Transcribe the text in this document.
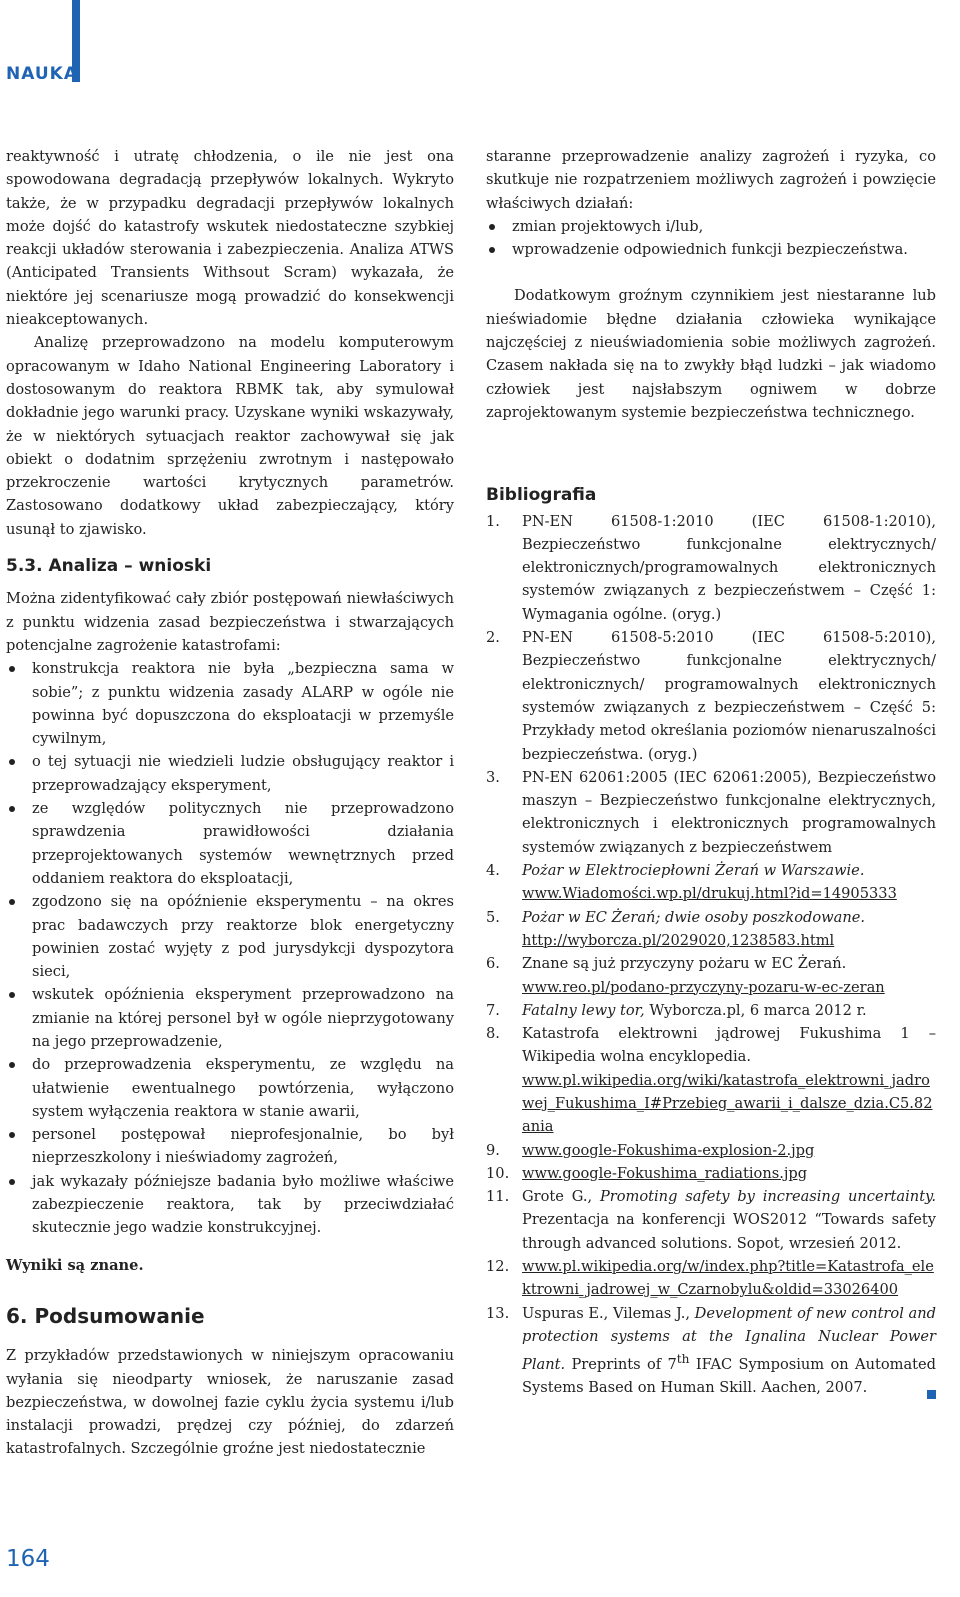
NAUKA

reaktywność i utratę chłodzenia, o ile nie jest ona spowodowana degradacją przepływów lokalnych. Wykryto także, że w przypadku degradacji przepływów lokalnych może dojść do katastrofy wskutek niedostateczne szybkiej reakcji układów sterowania i zabezpieczenia. Analiza ATWS (Anticipated Transients Withsout Scram) wykazała, że niektóre jej scenariusze mogą prowadzić do konsekwencji nieakceptowanych.

Analizę przeprowadzono na modelu komputerowym opracowanym w Idaho National Engineering Laboratory i dostosowanym do reaktora RBMK tak, aby symulował dokładnie jego warunki pracy. Uzyskane wyniki wskazywały, że w niektórych sytuacjach reaktor zachowywał się jak obiekt o dodatnim sprzężeniu zwrotnym i następowało przekroczenie wartości krytycznych parametrów. Zastosowano dodatkowy układ zabezpieczający, który usunął to zjawisko.

5.3. Analiza – wnioski

Można zidentyfikować cały zbiór postępowań niewłaściwych z punktu widzenia zasad bezpieczeństwa i stwarzających potencjalne zagrożenie katastrofami:

konstrukcja reaktora nie była „bezpieczna sama w sobie”; z punktu widzenia zasady ALARP w ogóle nie powinna być dopuszczona do eksploatacji w przemyśle cywilnym,
o tej sytuacji nie wiedzieli ludzie obsługujący reaktor i przeprowadzający eksperyment,
ze względów politycznych nie przeprowadzono sprawdzenia prawidłowości działania przeprojektowanych systemów wewnętrznych przed oddaniem reaktora do eksploatacji,
zgodzono się na opóźnienie eksperymentu – na okres prac badawczych przy reaktorze blok energetyczny powinien zostać wyjęty z pod jurysdykcji dyspozytora sieci,
wskutek opóźnienia eksperyment przeprowadzono na zmianie na której personel był w ogóle nieprzygotowany na jego przeprowadzenie,
do przeprowadzenia eksperymentu, ze względu na ułatwienie ewentualnego powtórzenia, wyłączono system wyłączenia reaktora w stanie awarii,
personel postępował nieprofesjonalnie, bo był nieprzeszkolony i nieświadomy zagrożeń,
jak wykazały późniejsze badania było możliwe właściwe zabezpieczenie reaktora, tak by przeciwdziałać skutecznie jego wadzie konstrukcyjnej.

Wyniki są znane.

6. Podsumowanie

Z przykładów przedstawionych w niniejszym opracowaniu wyłania się nieodparty wniosek, że naruszanie zasad bezpieczeństwa, w dowolnej fazie cyklu życia systemu i/lub instalacji prowadzi, prędzej czy później, do zdarzeń katastrofalnych. Szczególnie groźne jest niedostatecznie

staranne przeprowadzenie analizy zagrożeń i ryzyka, co skutkuje nie rozpatrzeniem możliwych zagrożeń i powzięcie właściwych działań:

zmian projektowych i/lub,
wprowadzenie odpowiednich funkcji bezpieczeństwa.

Dodatkowym groźnym czynnikiem jest niestaranne lub nieświadomie błędne działania człowieka wynikające najczęściej z nieuświadomienia sobie możliwych zagrożeń. Czasem nakłada się na to zwykły błąd ludzki – jak wiadomo człowiek jest najsłabszym ogniwem w dobrze zaprojektowanym systemie bezpieczeństwa technicznego.

Bibliografia
1.	PN-EN 61508-1:2010 (IEC 61508-1:2010), Bezpieczeństwo funkcjonalne elektrycznych/ elektronicznych/programowalnych elektronicznych systemów związanych z bezpieczeństwem – Część 1: Wymagania ogólne. (oryg.)
2.	PN-EN 61508-5:2010 (IEC 61508-5:2010), Bezpieczeństwo funkcjonalne elektrycznych/ elektronicznych/ programowalnych elektronicznych systemów związanych z bezpieczeństwem – Część 5: Przykłady metod określania poziomów nienaruszalności bezpieczeństwa. (oryg.)
3.	PN-EN 62061:2005 (IEC 62061:2005), Bezpieczeństwo maszyn – Bezpieczeństwo funkcjonalne elektrycznych, elektronicznych i elektronicznych programowalnych systemów związanych z bezpieczeństwem
4.	Pożar w Elektrociepłowni Żerań w Warszawie.
www.Wiadomości.wp.pl/drukuj.html?id=14905333
5.	Pożar w EC Żerań; dwie osoby poszkodowane.
http://wyborcza.pl/2029020,1238583.html
6.	Znane są już przyczyny pożaru w EC Żerań.
www.reo.pl/podano-przyczyny-pozaru-w-ec-zeran
7.	Fatalny lewy tor, Wyborcza.pl, 6 marca 2012 r.
8.	Katastrofa elektrowni jądrowej Fukushima 1 – Wikipedia wolna encyklopedia.
www.pl.wikipedia.org/wiki/katastrofa_elektrowni_jadrowej_Fukushima_I#Przebieg_awarii_i_dalsze_dzia.C5.82ania
9.	www.google-Fokushima-explosion-2.jpg
10. www.google-Fokushima_radiations.jpg
11. Grote G., Promoting safety by increasing uncertainty. Prezentacja na konferencji WOS2012 “Towards safety through advanced solutions. Sopot, wrzesień 2012.
12. www.pl.wikipedia.org/w/index.php?title=Katastrofa_elektrowni_jadrowej_w_Czarnobylu&oldid=33026400
13. Uspuras E., Vilemas J., Development of new control and protection systems at the Ignalina Nuclear Power Plant. Preprints of 7th IFAC Symposium on Automated Systems Based on Human Skill. Aachen, 2007.
164
